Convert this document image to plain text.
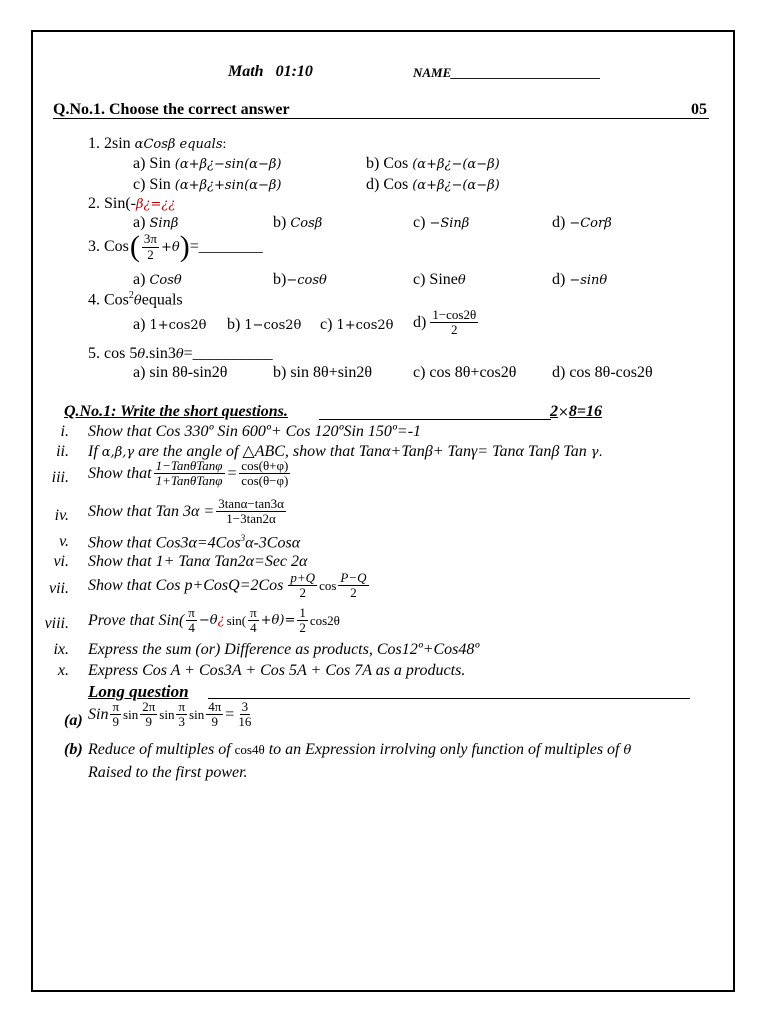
Math 01:10	NAME_______________________
Q.No.1. Choose the correct answer	05
1. 2sin αCosβ equals:
a) Sin (α+β¿−sin(α−β)	b) Cos (α+β¿−(α−β)
c) Sin (α+β¿+sin(α−β)	d) Cos (α+β¿−(α−β)
2. Sin(-β¿=¿¿
a) Sinβ	b) Cosβ	c) −Sinβ	d) −Corβ
3. Cos ( $\frac{3\pi}{2} +\theta$ ) =________
a) Cosθ	b)−cosθ	c) Sineθ	d) −sinθ
4. Cos$^2$θequals
a) 1+cos2θ b) 1−cos2θ c) 1+cos2θ $d) \frac{1-\cos 2\theta}{2}$
5. cos 5θ.sin3θ=__________
a) sin 8θ-sin2θ	b) sin 8θ+sin2θ	c) cos 8θ+cos2θ d) cos 8θ-cos2θ
Q.No.1: Write the short questions.	2×8=16
i. Show that Cos 330º Sin 600º+ Cos 120ºSin 150º=-1
ii. If α,β,γ are the angle of △ABC, show that Tanα+Tanβ+ Tanγ= Tanα Tanβ Tan γ.
iii. Show that $\frac{\text{1−TanθTanφ}}{\text{1+TanθTanφ}} = \frac{\cos(\theta+\varphi)}{\cos(\theta-\varphi)}$
iv. Show that Tan $3\alpha = \frac{3\tan\alpha-\tan 3\alpha}{1-3\tan 2\alpha}$
v. Show that Cos3α=4Cos$^3$α-3Cosα
vi. Show that 1+ Tanα Tan2α=Sec 2α
vii. Show that Cos p+CosQ=2Cos $\frac{p+Q}{2}$ $\cos \frac{P-Q}{2}$
viii. Prove that $Sin( \frac{\pi}{4} -\theta$ ¿ $\sin( \frac{\pi}{4} +\theta)= \frac{1}{2} \cos 2\theta$
ix. Express the sum (or) Difference as products, Cos12º+Cos48º
x. Express Cos A + Cos3A + Cos 5A + Cos 7A as a products.
Long question
(a) Sin $\frac{\pi}{9}$ $\sin \frac{2\pi}{9}$ $\sin \frac{\pi}{3}$ $\sin \frac{4\pi}{9} = \frac{3}{16}$
(b) Reduce of multiples of cos4θ to an Expression irrolving only function of multiples of θ
Raised to the first power.
